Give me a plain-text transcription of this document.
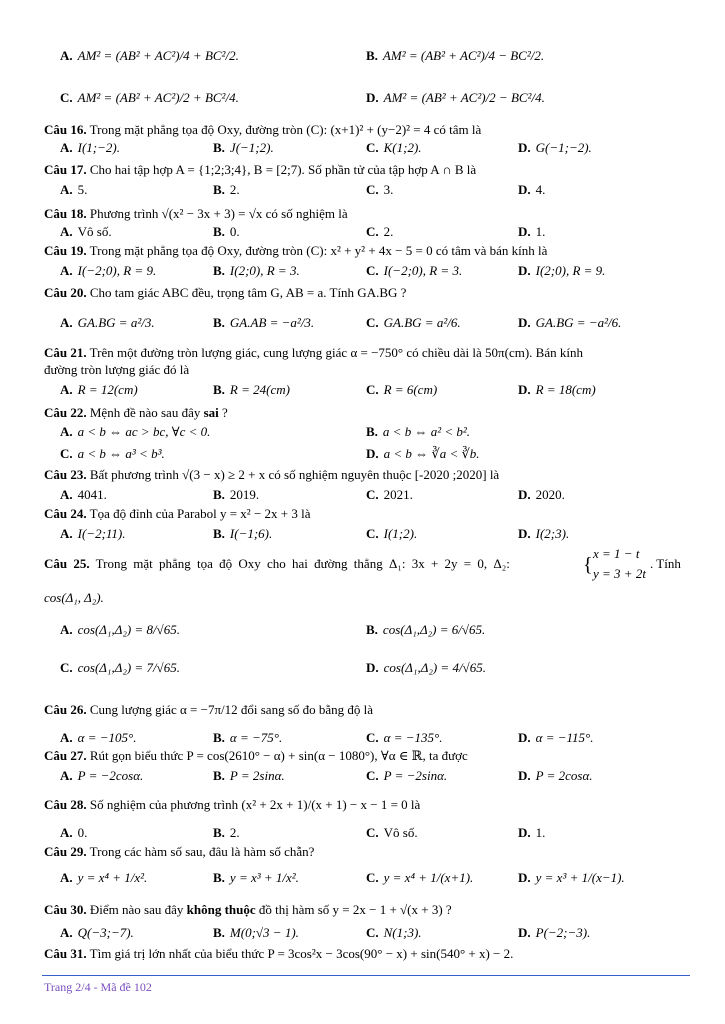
A. AM² = (AB² + AC²)/4 + BC²/2.	B. AM² = (AB² + AC²)/4 − BC²/2.
C. AM² = (AB² + AC²)/2 + BC²/4.	D. AM² = (AB² + AC²)/2 − BC²/4.
Câu 16. Trong mặt phẳng tọa độ Oxy, đường tròn (C): (x+1)² + (y−2)² = 4 có tâm là
A. I(1;−2).	B. J(−1;2).	C. K(1;2).	D. G(−1;−2).
Câu 17. Cho hai tập hợp A = {1;2;3;4}, B = [2;7). Số phần tử của tập hợp A ∩ B là
A. 5.	B. 2.	C. 3.	D. 4.
Câu 18. Phương trình √(x² − 3x + 3) = √x có số nghiệm là
A. Vô số.	B. 0.	C. 2.	D. 1.
Câu 19. Trong mặt phẳng tọa độ Oxy, đường tròn (C): x² + y² + 4x − 5 = 0 có tâm và bán kính là
A. I(−2;0), R = 9.	B. I(2;0), R = 3.	C. I(−2;0), R = 3.	D. I(2;0), R = 9.
Câu 20. Cho tam giác ABC đều, trọng tâm G, AB = a. Tính GA.BG ?
A. GA.BG = a²/3.	B. GA.AB = −a²/3.	C. GA.BG = a²/6.	D. GA.BG = −a²/6.
Câu 21. Trên một đường tròn lượng giác, cung lượng giác α = −750° có chiều dài là 50π(cm). Bán kính
đường tròn lượng giác đó là
A. R = 12(cm)	B. R = 24(cm)	C. R = 6(cm)	D. R = 18(cm)
Câu 22. Mệnh đề nào sau đây sai ?
A. a < b ⇔ ac > bc, ∀c < 0.	B. a < b ⇔ a² < b².
C. a < b ⇔ a³ < b³.	D. a < b ⇔ ∛a < ∛b.
Câu 23. Bất phương trình √(3 − x) ≥ 2 + x có số nghiệm nguyên thuộc [-2020 ;2020] là
A. 4041.	B. 2019.	C. 2021.	D. 2020.
Câu 24. Tọa độ đỉnh của Parabol y = x² − 2x + 3 là
A. I(−2;11).	B. I(−1;6).	C. I(1;2).	D. I(2;3).
Câu 25. Trong mặt phẳng tọa độ Oxy cho hai đường thẳng Δ₁: 3x + 2y = 0, Δ₂:	{
x = 1 − t
y = 3 + 2t
. Tính
cos(Δ₁, Δ₂).
A. cos(Δ₁,Δ₂) = 8/√65.	B. cos(Δ₁,Δ₂) = 6/√65.
C. cos(Δ₁,Δ₂) = 7/√65.	D. cos(Δ₁,Δ₂) = 4/√65.
Câu 26. Cung lượng giác α = −7π/12 đổi sang số đo bằng độ là
A. α = −105°.	B. α = −75°.	C. α = −135°.	D. α = −115°.
Câu 27. Rút gọn biểu thức P = cos(2610° − α) + sin(α − 1080°), ∀α ∈ ℝ, ta được
A. P = −2cosα.	B. P = 2sinα.	C. P = −2sinα.	D. P = 2cosα.
Câu 28. Số nghiệm của phương trình (x² + 2x + 1)/(x + 1) − x − 1 = 0 là
A. 0.	B. 2.	C. Vô số.	D. 1.
Câu 29. Trong các hàm số sau, đâu là hàm số chẵn?
A. y = x⁴ + 1/x².	B. y = x³ + 1/x².	C. y = x⁴ + 1/(x+1).	D. y = x³ + 1/(x−1).
Câu 30. Điểm nào sau đây không thuộc đồ thị hàm số y = 2x − 1 + √(x + 3) ?
A. Q(−3;−7).	B. M(0;√3 − 1).	C. N(1;3).	D. P(−2;−3).
Câu 31. Tìm giá trị lớn nhất của biểu thức P = 3cos²x − 3cos(90° − x) + sin(540° + x) − 2.
Trang 2/4 - Mã đề 102
